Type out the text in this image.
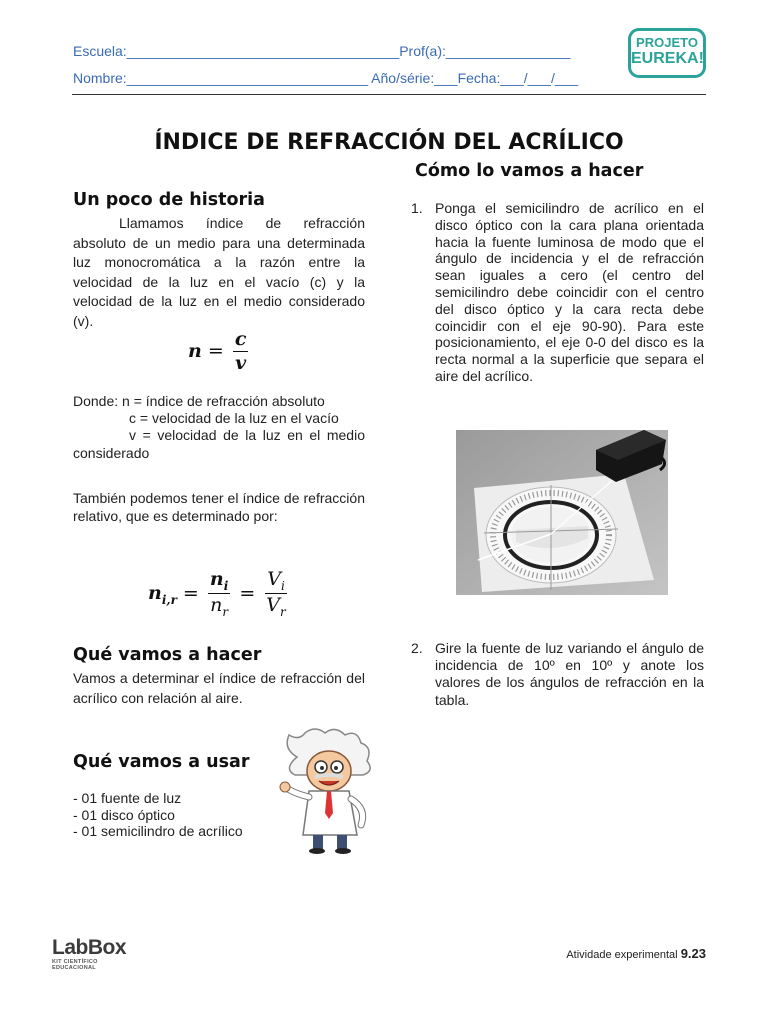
Escuela:___________________________________Prof(a):________________
Nombre:_______________________________ Año/série:___Fecha:___/___/___
PROJETO
EUREKA!
ÍNDICE DE REFRACCIÓN DEL ACRÍLICO
Un poco de historia
Llamamos índice de refracción absoluto de un medio para una determinada luz monocromática a la razón entre la velocidad de la luz en el vacío (c) y la velocidad de la luz en el medio considerado (v).
$n = \frac{c}{v}$
Donde: n = índice de refracción absoluto
c = velocidad de la luz en el vacío
v = velocidad de la luz en el medio considerado
También podemos tener el índice de refracción relativo, que es determinado por:
$n_{i,r} = \frac{n_i}{n_r} = \frac{V_i}{V_r}$
Qué vamos a hacer
Vamos a determinar el índice de refracción del acrílico con relación al aire.
Qué vamos a usar
- 01 fuente de luz
- 01 disco óptico
- 01 semicilindro de acrílico
Cómo lo vamos a hacer
1. Ponga el semicilindro de acrílico en el disco óptico con la cara plana orientada hacia la fuente luminosa de modo que el ángulo de incidencia y el de refracción sean iguales a cero (el centro del semicilindro debe coincidir con el centro del disco óptico y la cara recta debe coincidir con el eje 90-90). Para este posicionamiento, el eje 0-0 del disco es la recta normal a la superficie que separa el aire del acrílico.
2. Gire la fuente de luz variando el ángulo de incidencia de 10º en 10º y anote los valores de los ángulos de refracción en la tabla.
LabBox
KIT CIENTÍFICO
EDUCACIONAL
Atividade experimental 9.23
